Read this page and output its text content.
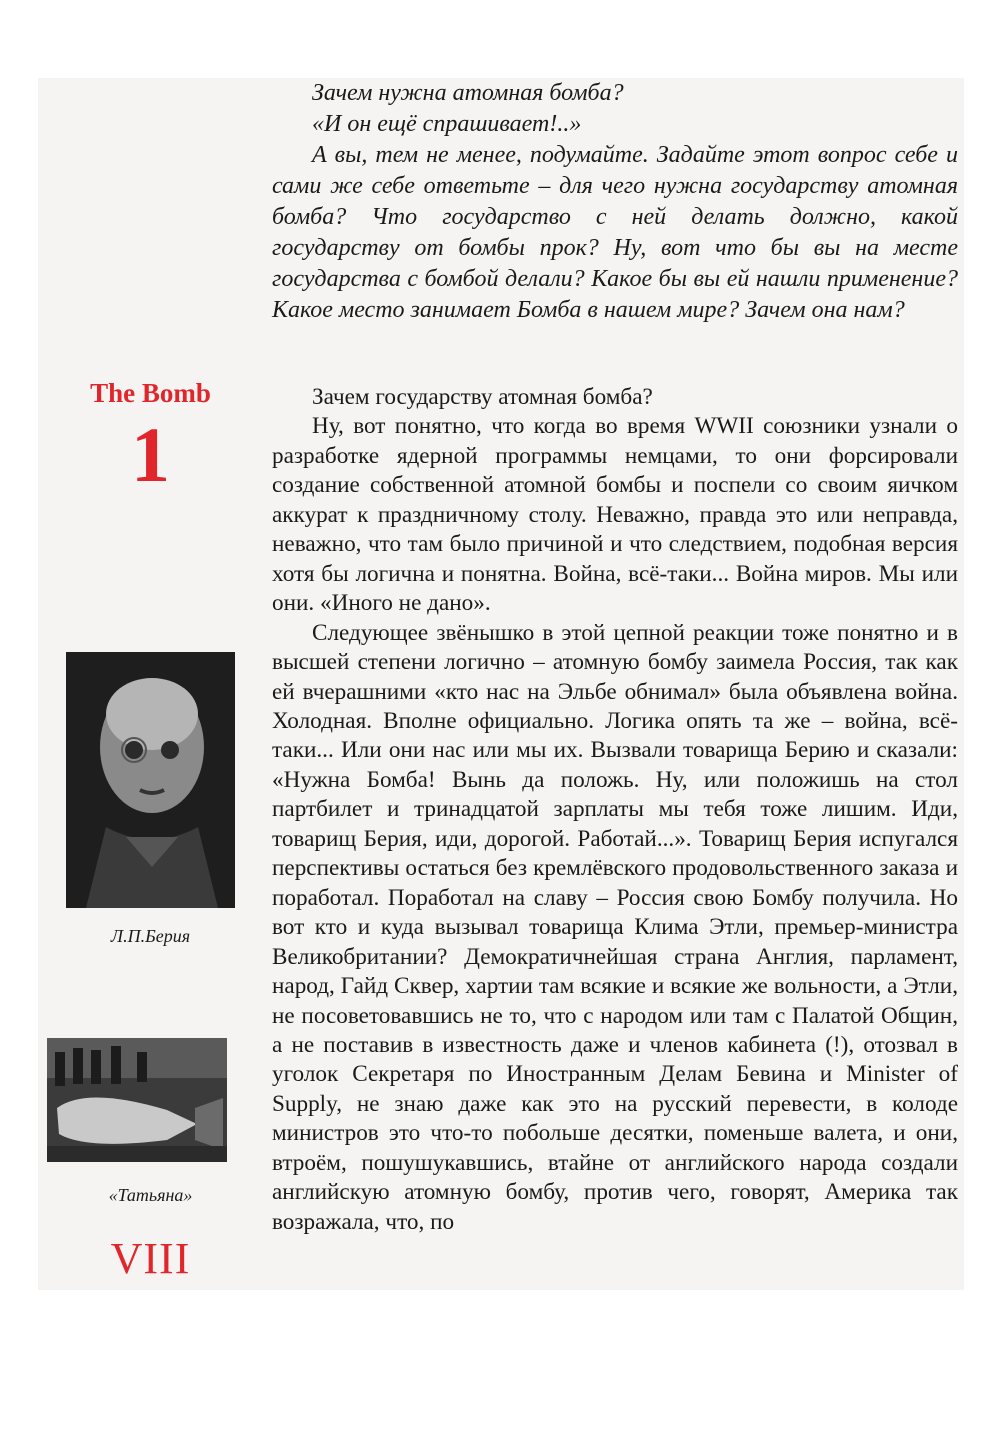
The Bomb
1
Л.П.Берия
«Татьяна»
VIII

Зачем нужна атомная бомба?

«И он ещё спрашивает!..»

А вы, тем не менее, подумайте. Задайте этот вопрос себе и сами же себе ответьте – для чего нужна государству атомная бомба? Что государство с ней делать должно, какой государству от бомбы прок? Ну, вот что бы вы на месте государства с бомбой делали? Какое бы вы ей нашли применение? Какое место занимает Бомба в нашем мире? Зачем она нам?

Зачем государству атомная бомба?

Ну, вот понятно, что когда во время WWII союзники узнали о разработке ядерной программы немцами, то они форсировали создание собственной атомной бомбы и поспели со своим яичком аккурат к праздничному столу. Неважно, правда это или неправда, неважно, что там было причиной и что следствием, подобная версия хотя бы логична и понятна. Война, всё-таки... Война миров. Мы или они. «Иного не дано».

Следующее звёнышко в этой цепной реакции тоже понятно и в высшей степени логично – атомную бомбу заимела Россия, так как ей вчерашними «кто нас на Эльбе обнимал» была объявлена война. Холодная. Вполне официально. Логика опять та же – война, всё-таки... Или они нас или мы их. Вызвали товарища Берию и сказали: «Нужна Бомба! Вынь да положь. Ну, или положишь на стол партбилет и тринадцатой зарплаты мы тебя тоже лишим. Иди, товарищ Берия, иди, дорогой. Работай...». Товарищ Берия испугался перспективы остаться без кремлёвского продовольственного заказа и поработал. Поработал на славу – Россия свою Бомбу получила. Но вот кто и куда вызывал товарища Клима Этли, премьер-министра Великобритании? Демократичнейшая страна Англия, парламент, народ, Гайд Сквер, хартии там всякие и всякие же вольности, а Этли, не посоветовавшись не то, что с народом или там с Палатой Общин, а не поставив в известность даже и членов кабинета (!), отозвал в уголок Секретаря по Иностранным Делам Бевина и Minister of Supply, не знаю даже как это на русский перевести, в колоде министров это что-то побольше десятки, поменьше валета, и они, втроём, пошушукавшись, втайне от английского народа создали английскую атомную бомбу, против чего, говорят, Америка так возражала, что, по
